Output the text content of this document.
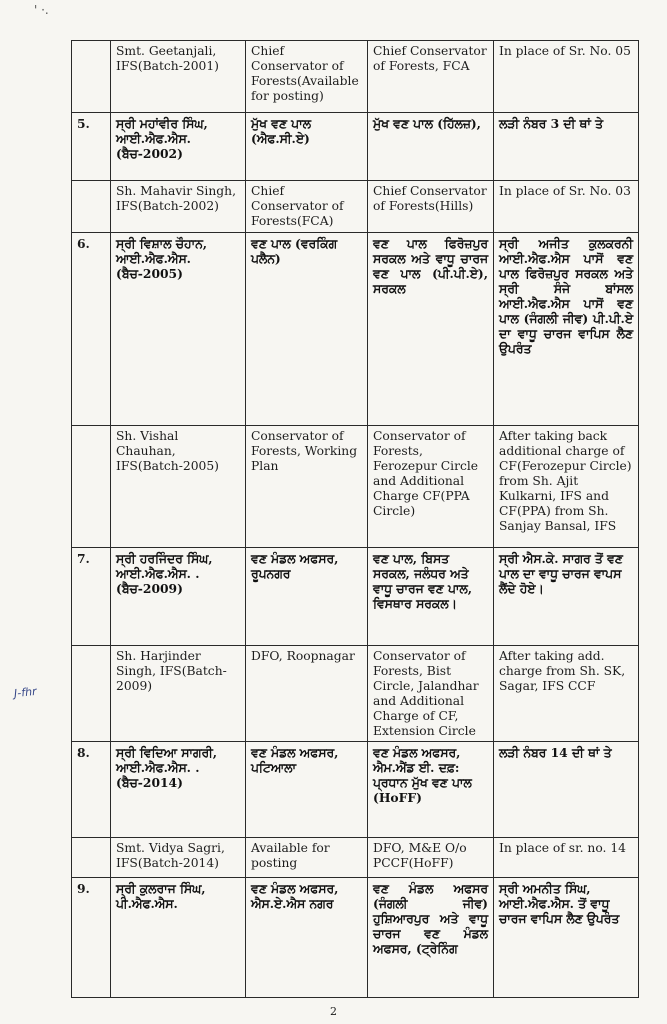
' ·.
	Smt. Geetanjali, IFS(Batch-2001)	Chief Conservator of Forests(Available for posting)	Chief Conservator of Forests, FCA	In place of Sr. No. 05
5.	ਸ੍ਰੀ ਮਹਾਂਵੀਰ ਸਿੰਘ, ਆਈ.ਐਫ.ਐਸ.(ਬੈਚ-2002)	ਮੁੱਖ ਵਣ ਪਾਲ (ਐਫ.ਸੀ.ਏ)	ਮੁੱਖ ਵਣ ਪਾਲ (ਹਿੱਲਜ਼),	ਲੜੀ ਨੰਬਰ 3 ਦੀ ਥਾਂ ਤੇ
	Sh. Mahavir Singh, IFS(Batch-2002)	Chief Conservator of Forests(FCA)	Chief Conservator of Forests(Hills)	In place of Sr. No. 03
6.	ਸ੍ਰੀ ਵਿਸ਼ਾਲ ਚੌਹਾਨ, ਆਈ.ਐਫ.ਐਸ.(ਬੈਚ-2005)	ਵਣ ਪਾਲ (ਵਰਕਿੰਗ ਪਲੈਨ)	ਵਣ ਪਾਲ ਫਿਰੋਜ਼ਪੁਰ ਸਰਕਲ ਅਤੇ ਵਾਧੂ ਚਾਰਜ ਵਣ ਪਾਲ (ਪੀ.ਪੀ.ਏ), ਸਰਕਲ	ਸ੍ਰੀ ਅਜੀਤ ਕੁਲਕਰਨੀ ਆਈ.ਐਫ.ਐਸ ਪਾਸੋਂ ਵਣ ਪਾਲ ਫਿਰੋਜ਼ਪੁਰ ਸਰਕਲ ਅਤੇ ਸ੍ਰੀ ਸੰਜੇ ਬਾਂਸਲ ਆਈ.ਐਫ.ਐਸ ਪਾਸੋਂ ਵਣ ਪਾਲ (ਜੰਗਲੀ ਜੀਵ) ਪੀ.ਪੀ.ਏ ਦਾ ਵਾਧੂ ਚਾਰਜ ਵਾਪਿਸ ਲੈਣ ਉਪਰੰਤ
	Sh. Vishal Chauhan, IFS(Batch-2005)	Conservator of Forests, Working Plan	Conservator of Forests, Ferozepur Circle and Additional Charge CF(PPA Circle)	After taking back additional charge of CF(Ferozepur Circle) from Sh. Ajit Kulkarni, IFS and CF(PPA) from Sh. Sanjay Bansal, IFS
7.	ਸ੍ਰੀ ਹਰਜਿੰਦਰ ਸਿੰਘ, ਆਈ.ਐਫ.ਐਸ. .(ਬੈਚ-2009)	ਵਣ ਮੰਡਲ ਅਫਸਰ, ਰੂਪਨਗਰ	ਵਣ ਪਾਲ, ਬਿਸਤ ਸਰਕਲ, ਜਲੰਧਰ ਅਤੇ ਵਾਧੂ ਚਾਰਜ ਵਣ ਪਾਲ, ਵਿਸਥਾਰ ਸਰਕਲ।	ਸ੍ਰੀ ਐਸ.ਕੇ. ਸਾਗਰ ਤੋਂ ਵਣ ਪਾਲ ਦਾ ਵਾਧੂ ਚਾਰਜ ਵਾਪਸ ਲੈਂਦੇ ਹੋਏ।
	Sh. Harjinder Singh, IFS(Batch-2009)	DFO, Roopnagar	Conservator of Forests, Bist Circle, Jalandhar and Additional Charge of CF, Extension Circle	After taking add. charge from Sh. SK, Sagar, IFS CCF
8.	ਸ੍ਰੀ ਵਿਦਿਆ ਸਾਗਰੀ, ਆਈ.ਐਫ.ਐਸ. .(ਬੈਚ-2014)	ਵਣ ਮੰਡਲ ਅਫਸਰ, ਪਟਿਆਲਾ	ਵਣ ਮੰਡਲ ਅਫਸਰ, ਐਮ.ਐਂਡ ਈ. ਦਫ਼: ਪ੍ਰਧਾਨ ਮੁੱਖ ਵਣ ਪਾਲ (HoFF)	ਲੜੀ ਨੰਬਰ 14 ਦੀ ਥਾਂ ਤੇ
	Smt. Vidya Sagri, IFS(Batch-2014)	Available for posting	DFO, M&E O/o PCCF(HoFF)	In place of sr. no. 14
9.	ਸ੍ਰੀ ਕੁਲਰਾਜ ਸਿੰਘ, ਪੀ.ਐਫ.ਐਸ.	ਵਣ ਮੰਡਲ ਅਫਸਰ, ਐਸ.ਏ.ਐਸ ਨਗਰ	ਵਣ ਮੰਡਲ ਅਫਸਰ (ਜੰਗਲੀ ਜੀਵ) ਹੁਸ਼ਿਆਰਪੁਰ ਅਤੇ ਵਾਧੂ ਚਾਰਜ ਵਣ ਮੰਡਲ ਅਫਸਰ, (ਟ੍ਰੇਨਿੰਗ	ਸ੍ਰੀ ਅਮਨੀਤ ਸਿੰਘ, ਆਈ.ਐਫ.ਐਸ. ਤੋਂ ਵਾਧੂ ਚਾਰਜ ਵਾਪਿਸ ਲੈਣ ਉਪਰੰਤ
J-fhr
2
